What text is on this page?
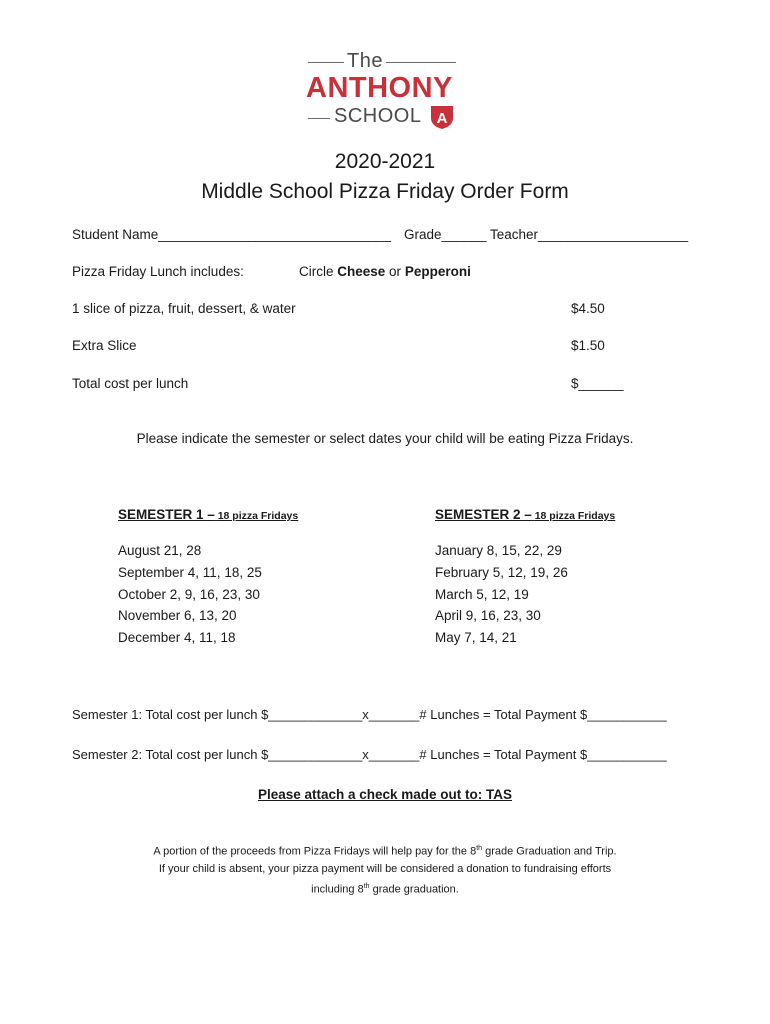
The
ANTHONY
SCHOOL A
2020-2021
Middle School Pizza Friday Order Form
Student Name_______________________________ Grade______ Teacher____________________
Pizza Friday Lunch includes:	Circle Cheese or Pepperoni
1 slice of pizza, fruit, dessert, & water	$4.50
Extra Slice	$1.50
Total cost per lunch	$______
Please indicate the semester or select dates your child will be eating Pizza Fridays.
SEMESTER 1 – 18 pizza Fridays
August 21, 28
September 4, 11, 18, 25
October 2, 9, 16, 23, 30
November 6, 13, 20
December 4, 11, 18
SEMESTER 2 – 18 pizza Fridays
January 8, 15, 22, 29
February 5, 12, 19, 26
March 5, 12, 19
April 9, 16, 23, 30
May 7, 14, 21
Semester 1: Total cost per lunch $_____________x_______# Lunches = Total Payment $___________
Semester 2: Total cost per lunch $_____________x_______# Lunches = Total Payment $___________
Please attach a check made out to: TAS
A portion of the proceeds from Pizza Fridays will help pay for the 8th grade Graduation and Trip.
If your child is absent, your pizza payment will be considered a donation to fundraising efforts
including 8th grade graduation.
